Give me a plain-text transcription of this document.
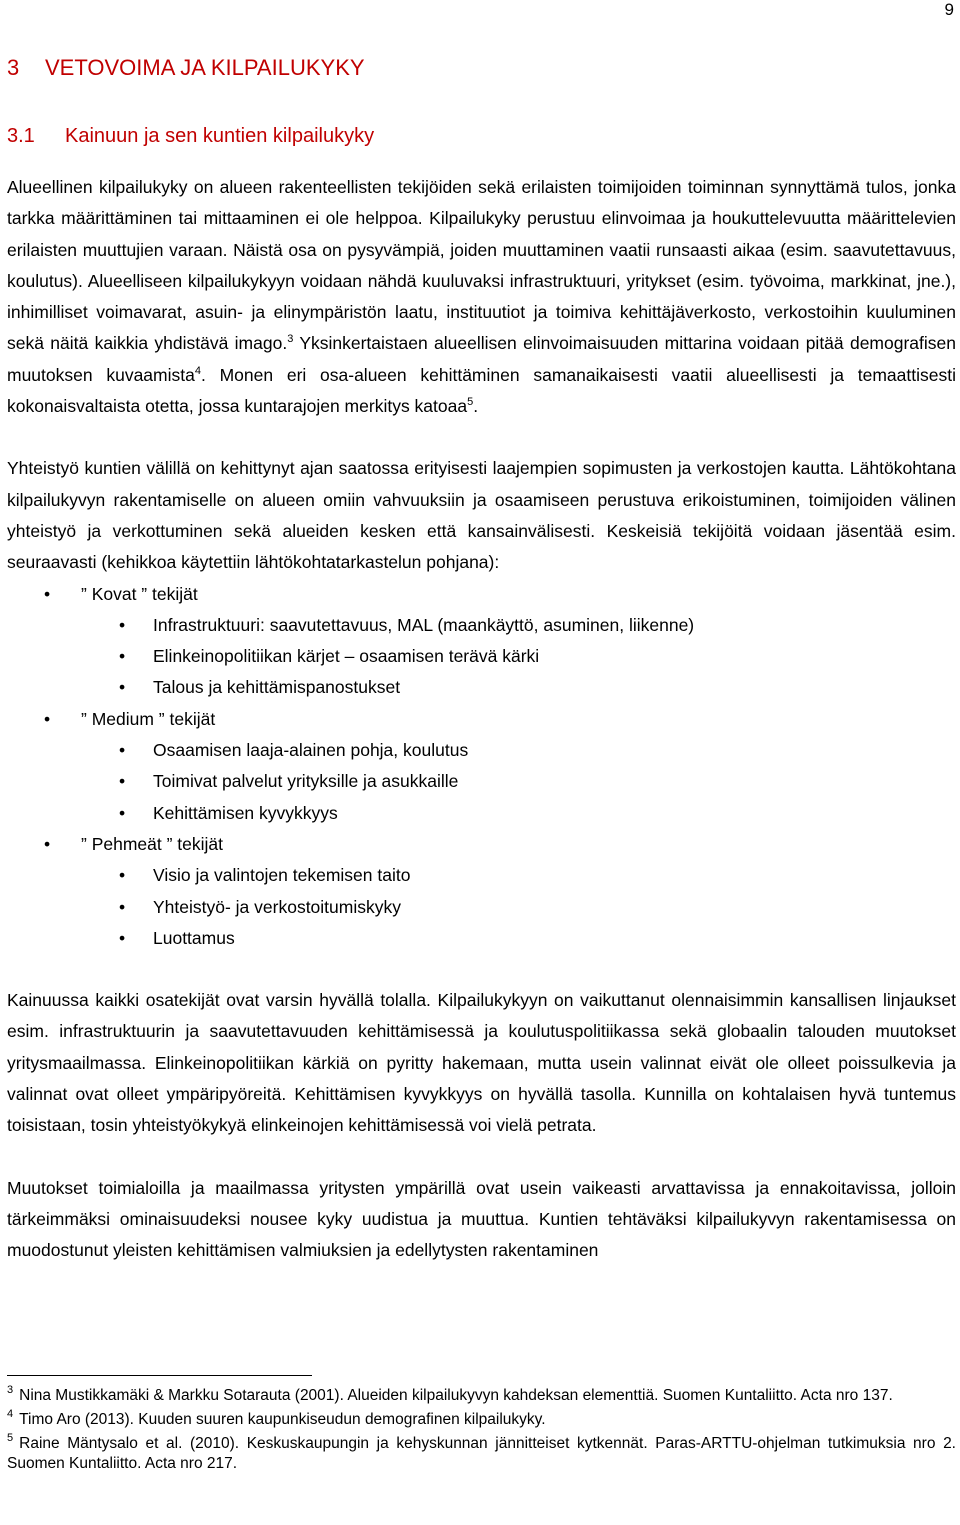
9
3 VETOVOIMA JA KILPAILUKYKY
3.1 Kainuun ja sen kuntien kilpailukyky

Alueellinen kilpailukyky on alueen rakenteellisten tekijöiden sekä erilaisten toimijoiden toiminnan synnyttämä tulos, jonka tarkka määrittäminen tai mittaaminen ei ole helppoa. Kilpailukyky perustuu elinvoimaa ja houkuttelevuutta määrittelevien erilaisten muuttujien varaan. Näistä osa on pysyvämpiä, joiden muuttaminen vaatii runsaasti aikaa (esim. saavutettavuus, koulutus). Alueelliseen kilpailukykyyn voidaan nähdä kuuluvaksi infrastruktuuri, yritykset (esim. työvoima, markkinat, jne.), inhimilliset voimavarat, asuin- ja elinympäristön laatu, instituutiot ja toimiva kehittäjäverkosto, verkostoihin kuuluminen sekä näitä kaikkia yhdistävä imago.$^3$ Yksinkertaistaen alueellisen elinvoimaisuuden mittarina voidaan pitää demografisen muutoksen kuvaamista$^4$. Monen eri osa-alueen kehittäminen samanaikaisesti vaatii alueellisesti ja temaattisesti kokonaisvaltaista otetta, jossa kuntarajojen merkitys katoaa$^5$.

Yhteistyö kuntien välillä on kehittynyt ajan saatossa erityisesti laajempien sopimusten ja verkostojen kautta. Lähtökohtana kilpailukyvyn rakentamiselle on alueen omiin vahvuuksiin ja osaamiseen perustuva erikoistuminen, toimijoiden välinen yhteistyö ja verkottuminen sekä alueiden kesken että kansainvälisesti. Keskeisiä tekijöitä voidaan jäsentää esim. seuraavasti (kehikkoa käytettiin lähtökohtatarkastelun pohjana):

• ” Kovat ” tekijät
• Infrastruktuuri: saavutettavuus, MAL (maankäyttö, asuminen, liikenne)
• Elinkeinopolitiikan kärjet – osaamisen terävä kärki
• Talous ja kehittämispanostukset
• ” Medium ” tekijät
• Osaamisen laaja-alainen pohja, koulutus
• Toimivat palvelut yrityksille ja asukkaille
• Kehittämisen kyvykkyys
• ” Pehmeät ” tekijät
• Visio ja valintojen tekemisen taito
• Yhteistyö- ja verkostoitumiskyky
• Luottamus

Kainuussa kaikki osatekijät ovat varsin hyvällä tolalla. Kilpailukykyyn on vaikuttanut olennaisimmin kansallisen linjaukset esim. infrastruktuurin ja saavutettavuuden kehittämisessä ja koulutuspolitiikassa sekä globaalin talouden muutokset yritysmaailmassa. Elinkeinopolitiikan kärkiä on pyritty hakemaan, mutta usein valinnat eivät ole olleet poissulkevia ja valinnat ovat olleet ympäripyöreitä. Kehittämisen kyvykkyys on hyvällä tasolla. Kunnilla on kohtalaisen hyvä tuntemus toisistaan, tosin yhteistyökykyä elinkeinojen kehittämisessä voi vielä petrata.

Muutokset toimialoilla ja maailmassa yritysten ympärillä ovat usein vaikeasti arvattavissa ja ennakoitavissa, jolloin tärkeimmäksi ominaisuudeksi nousee kyky uudistua ja muuttua. Kuntien tehtäväksi kilpailukyvyn rakentamisessa on muodostunut yleisten kehittämisen valmiuksien ja edellytysten rakentaminen

$^3$ Nina Mustikkamäki & Markku Sotarauta (2001). Alueiden kilpailukyvyn kahdeksan elementtiä. Suomen Kuntaliitto. Acta nro 137.

$^4$ Timo Aro (2013). Kuuden suuren kaupunkiseudun demografinen kilpailukyky.

$^5$ Raine Mäntysalo et al. (2010). Keskuskaupungin ja kehyskunnan jännitteiset kytkennät. Paras-ARTTU-ohjelman tutkimuksia nro 2. Suomen Kuntaliitto. Acta nro 217.
